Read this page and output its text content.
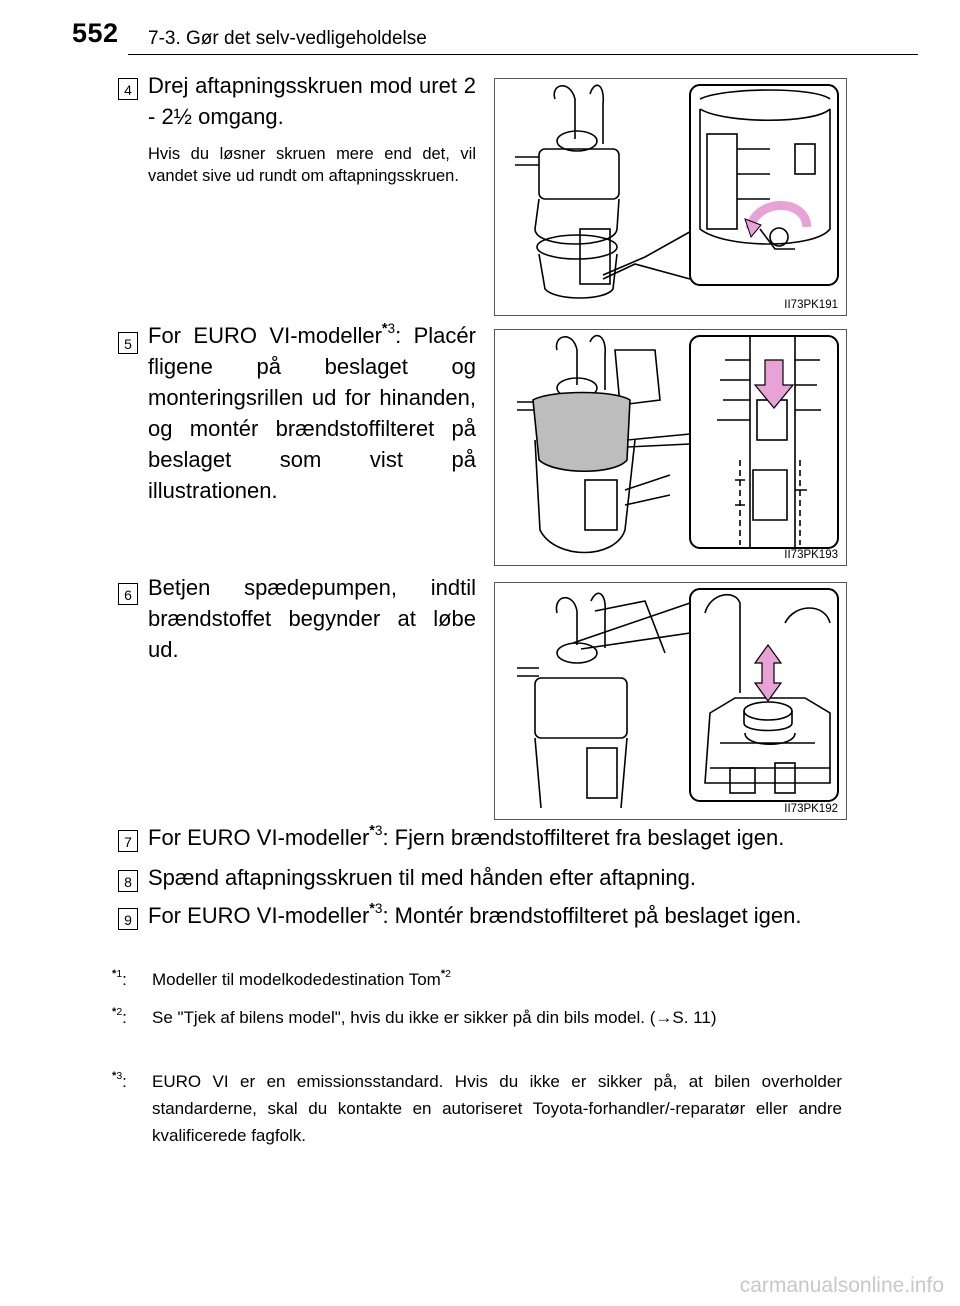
552 7-3. Gør det selv-vedligeholdelse
4 Drej aftapningsskruen mod uret 2 - 2½ omgang.
Hvis du løsner skruen mere end det, vil vandet sive ud rundt om aftapningsskruen.
II73PK191
5 For EURO VI-modeller$^{*3}$: Placér fligene på beslaget og monteringsrillen ud for hinanden, og montér brændstoffilteret på beslaget som vist på illustrationen.
II73PK193
6 Betjen spædepumpen, indtil brændstoffet begynder at løbe ud.
II73PK192
7 For EURO VI-modeller$^{*3}$: Fjern brændstoffilteret fra beslaget igen.
8 Spænd aftapningsskruen til med hånden efter aftapning.
9 For EURO VI-modeller$^{*3}$: Montér brændstoffilteret på beslaget igen.
$^{*1}$:	Modeller til modelkodedestination Tom$^{*2}$
$^{*2}$:	Se "Tjek af bilens model", hvis du ikke er sikker på din bils model. (→S. 11)
$^{*3}$:	EURO VI er en emissionsstandard. Hvis du ikke er sikker på, at bilen overholder standarderne, skal du kontakte en autoriseret Toyota-forhandler/-reparatør eller andre kvalificerede fagfolk.
carmanualsonline.info
